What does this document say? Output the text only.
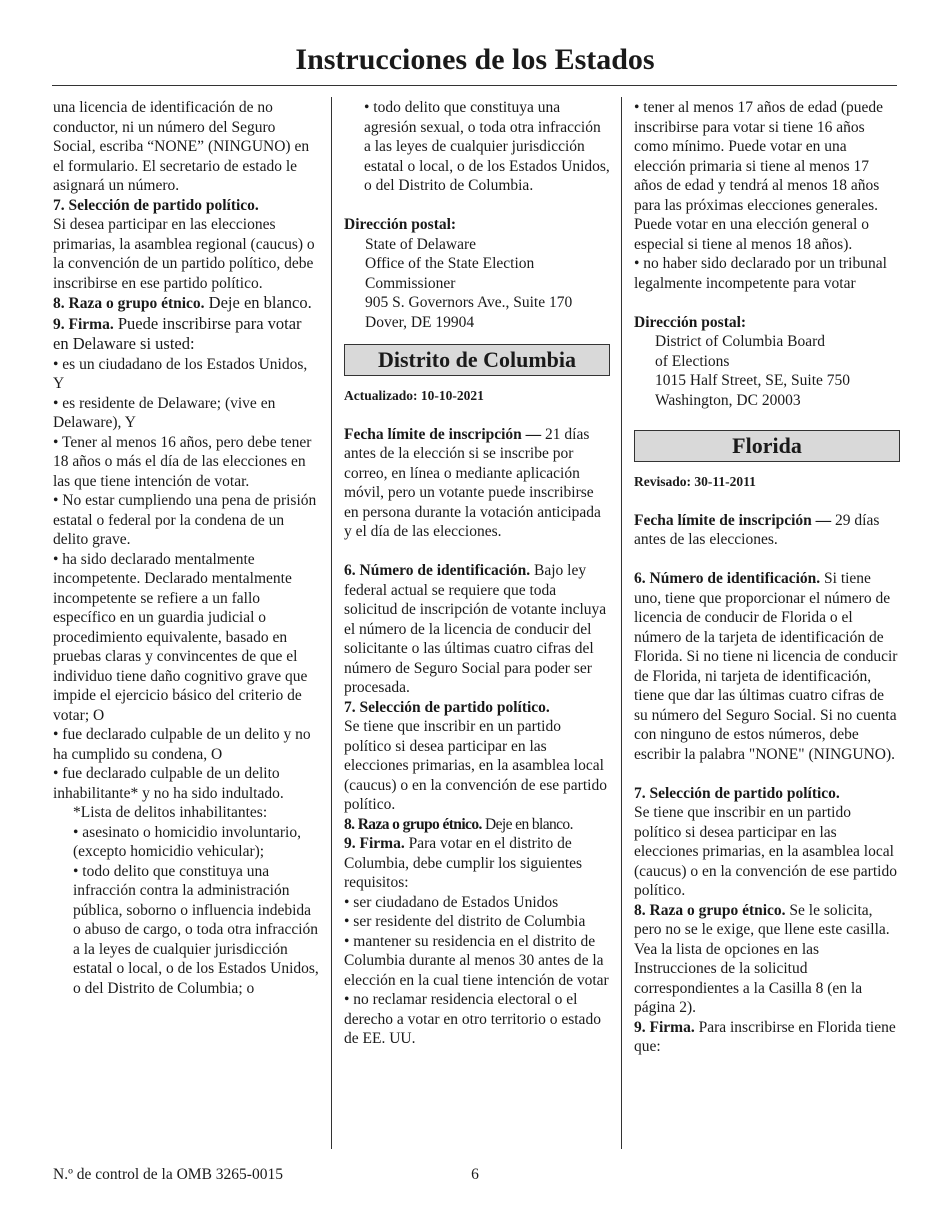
Instrucciones de los Estados

una licencia de identificación de no conductor, ni un número del Seguro Social, escriba “NONE” (NINGUNO) en el formulario. El secretario de estado le asignará un número.

7. Selección de partido político.
Si desea participar en las elecciones primarias, la asamblea regional (caucus) o la convención de un partido político, debe inscribirse en ese partido político.

8. Raza o grupo étnico. Deje en blanco.

9. Firma. Puede inscribirse para votar en Delaware si usted:

• es un ciudadano de los Estados Unidos, Y

• es residente de Delaware; (vive en Delaware), Y

• Tener al menos 16 años, pero debe tener 18 años o más el día de las elecciones en las que tiene intención de votar.

• No estar cumpliendo una pena de prisión estatal o federal por la condena de un delito grave.

• ha sido declarado mentalmente incompetente. Declarado mentalmente incompetente se refiere a un fallo específico en un guardia judicial o procedimiento equivalente, basado en pruebas claras y convincentes de que el individuo tiene daño cognitivo grave que impide el ejercicio básico del criterio de votar; O

• fue declarado culpable de un delito y no ha cumplido su condena, O

• fue declarado culpable de un delito inhabilitante* y no ha sido indultado.

*Lista de delitos inhabilitantes:

• asesinato o homicidio involuntario, (excepto homicidio vehicular);

• todo delito que constituya una infracción contra la administración pública, soborno o influencia indebida o abuso de cargo, o toda otra infracción a la leyes de cualquier jurisdicción estatal o local, o de los Estados Unidos, o del Distrito de Columbia; o

• todo delito que constituya una agresión sexual, o toda otra infracción a las leyes de cualquier jurisdicción estatal o local, o de los Estados Unidos, o del Distrito de Columbia.

Dirección postal:

State of Delaware

Office of the State Election Commissioner

905 S. Governors Ave., Suite 170

Dover, DE 19904

Distrito de Columbia

Actualizado: 10-10-2021

Fecha límite de inscripción — 21 días antes de la elección si se inscribe por correo, en línea o mediante aplicación móvil, pero un votante puede inscribirse en persona durante la votación anticipada y el día de las elecciones.

6. Número de identificación. Bajo ley federal actual se requiere que toda solicitud de inscripción de votante incluya el número de la licencia de conducir del solicitante o las últimas cuatro cifras del número de Seguro Social para poder ser procesada.

7. Selección de partido político.
Se tiene que inscribir en un partido político si desea participar en las elecciones primarias, en la asamblea local (caucus) o en la convención de ese partido político.

8. Raza o grupo étnico. Deje en blanco.

9. Firma. Para votar en el distrito de Columbia, debe cumplir los siguientes requisitos:

• ser ciudadano de Estados Unidos

• ser residente del distrito de Columbia

• mantener su residencia en el distrito de Columbia durante al menos 30 antes de la elección en la cual tiene intención de votar

• no reclamar residencia electoral o el derecho a votar en otro territorio o estado de EE. UU.

• tener al menos 17 años de edad (puede inscribirse para votar si tiene 16 años como mínimo. Puede votar en una elección primaria si tiene al menos 17 años de edad y tendrá al menos 18 años para las próximas elecciones generales. Puede votar en una elección general o especial si tiene al menos 18 años).

• no haber sido declarado por un tribunal legalmente incompetente para votar

Dirección postal:

District of Columbia Board

of Elections

1015 Half Street, SE, Suite 750

Washington, DC 20003

Florida

Revisado: 30-11-2011

Fecha límite de inscripción — 29 días antes de las elecciones.

6. Número de identificación. Si tiene uno, tiene que proporcionar el número de licencia de conducir de Florida o el número de la tarjeta de identificación de Florida. Si no tiene ni licencia de conducir de Florida, ni tarjeta de identificación, tiene que dar las últimas cuatro cifras de su número del Seguro Social. Si no cuenta con ninguno de estos números, debe escribir la palabra "NONE" (NINGUNO).

7. Selección de partido político.
Se tiene que inscribir en un partido político si desea participar en las elecciones primarias, en la asamblea local (caucus) o en la convención de ese partido político.

8. Raza o grupo étnico. Se le solicita, pero no se le exige, que llene este casilla. Vea la lista de opciones en las Instrucciones de la solicitud correspondientes a la Casilla 8 (en la página 2).

9. Firma. Para inscribirse en Florida tiene que:

N.º de control de la OMB 3265-0015	6
